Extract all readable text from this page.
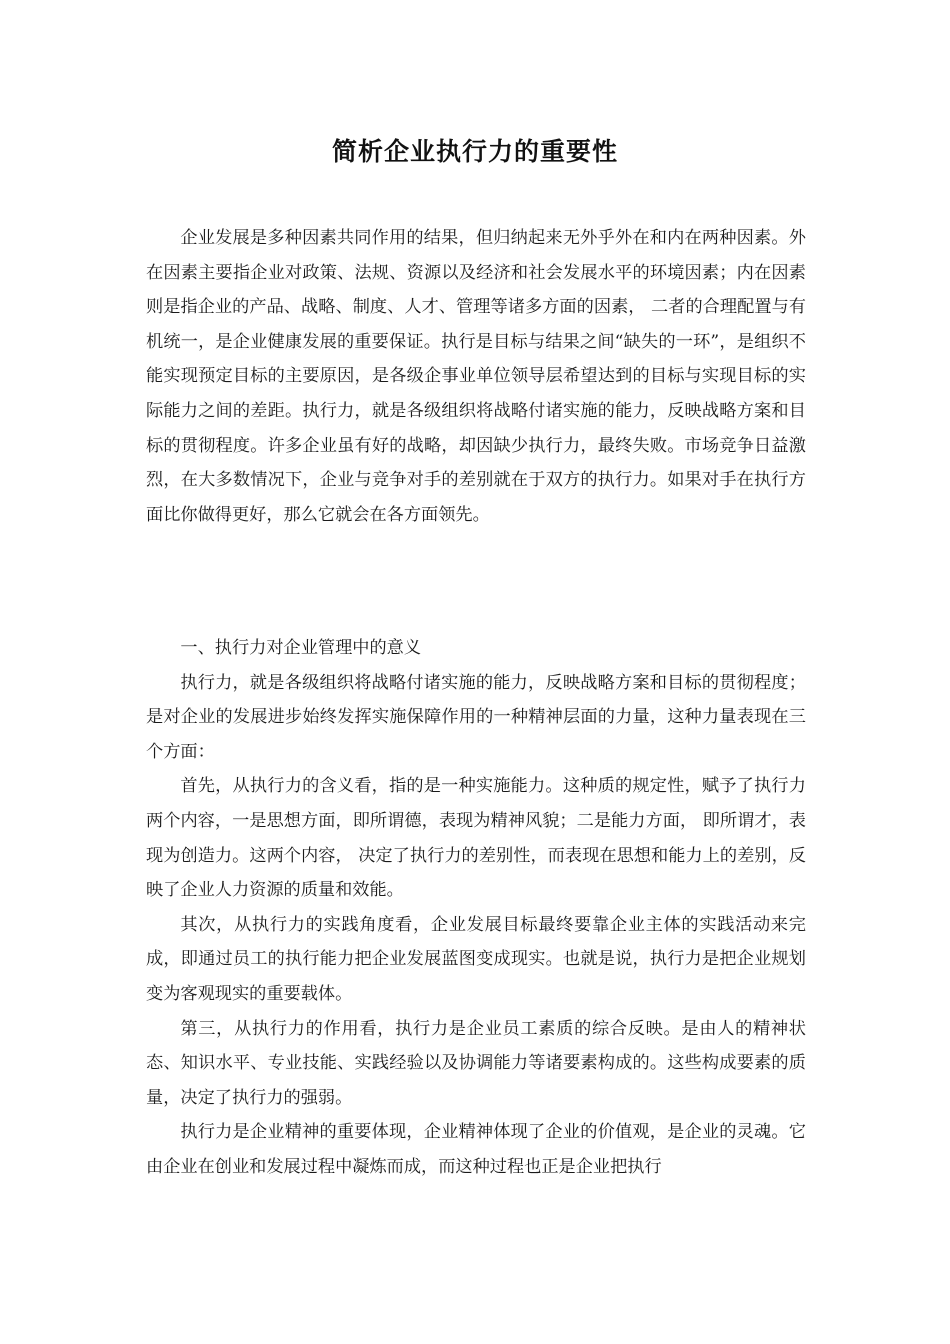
简析企业执行力的重要性

企业发展是多种因素共同作用的结果，但归纳起来无外乎外在和内在两种因素。外在因素主要指企业对政策、法规、资源以及经济和社会发展水平的环境因素；内在因素则是指企业的产品、战略、制度、人才、管理等诸多方面的因素， 二者的合理配置与有机统一，是企业健康发展的重要保证。执行是目标与结果之间“缺失的一环”，是组织不能实现预定目标的主要原因，是各级企事业单位领导层希望达到的目标与实现目标的实际能力之间的差距。执行力，就是各级组织将战略付诸实施的能力，反映战略方案和目标的贯彻程度。许多企业虽有好的战略，却因缺少执行力，最终失败。市场竞争日益激烈，在大多数情况下，企业与竞争对手的差别就在于双方的执行力。如果对手在执行方面比你做得更好，那么它就会在各方面领先。

一、执行力对企业管理中的意义

执行力，就是各级组织将战略付诸实施的能力，反映战略方案和目标的贯彻程度；是对企业的发展进步始终发挥实施保障作用的一种精神层面的力量，这种力量表现在三个方面：

首先，从执行力的含义看，指的是一种实施能力。这种质的规定性，赋予了执行力两个内容，一是思想方面，即所谓德，表现为精神风貌；二是能力方面， 即所谓才，表现为创造力。这两个内容， 决定了执行力的差别性，而表现在思想和能力上的差别，反映了企业人力资源的质量和效能。

其次，从执行力的实践角度看，企业发展目标最终要靠企业主体的实践活动来完成，即通过员工的执行能力把企业发展蓝图变成现实。也就是说，执行力是把企业规划变为客观现实的重要载体。

第三，从执行力的作用看，执行力是企业员工素质的综合反映。是由人的精神状态、知识水平、专业技能、实践经验以及协调能力等诸要素构成的。这些构成要素的质量，决定了执行力的强弱。

执行力是企业精神的重要体现，企业精神体现了企业的价值观，是企业的灵魂。它由企业在创业和发展过程中凝炼而成，而这种过程也正是企业把执行
